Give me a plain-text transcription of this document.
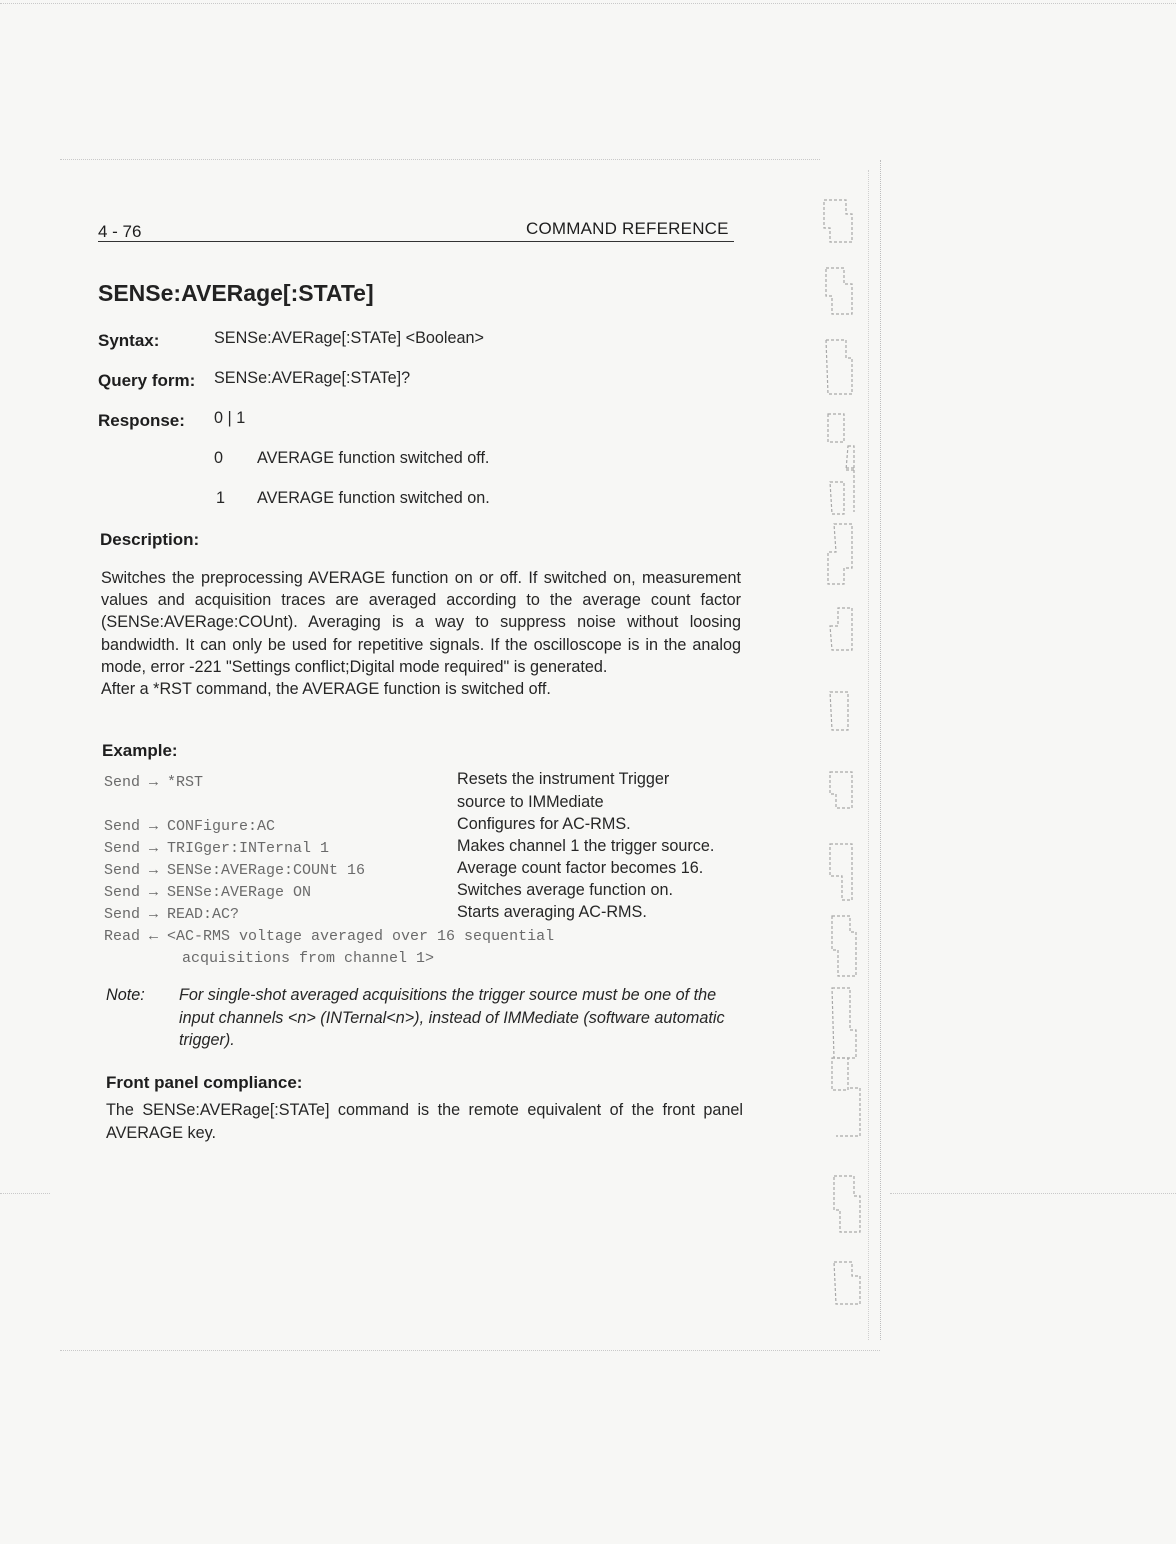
4 - 76	COMMAND REFERENCE
SENSe:AVERage[:STATe]
Syntax:	SENSe:AVERage[:STATe] <Boolean>
Query form: SENSe:AVERage[:STATe]?
Response: 0 | 1
0 AVERAGE function switched off.
1 AVERAGE function switched on.
Description:

Switches the preprocessing AVERAGE function on or off. If switched on, measurement values and acquisition traces are averaged according to the average count factor (SENSe:AVERage:COUnt). Averaging is a way to suppress noise without loosing bandwidth. It can only be used for repetitive signals. If the oscilloscope is in the analog mode, error -221 "Settings conflict;Digital mode required" is generated.

After a *RST command, the AVERAGE function is switched off.

Example:
Send → *RST	Resets the instrument Trigger
source to IMMediate
Send → CONFigure:AC	Configures for AC-RMS.
Send → TRIGger:INTernal 1	Makes channel 1 the trigger source.
Send → SENSe:AVERage:COUNt 16	Average count factor becomes 16.
Send → SENSe:AVERage ON	Switches average function on.
Send → READ:AC?	Starts averaging AC-RMS.
Read ← <AC-RMS voltage averaged over 16 sequential
acquisitions from channel 1>
Note: For single-shot averaged acquisitions the trigger source must be one of the input channels <n> (INTernal<n>), instead of IMMediate (software automatic trigger).
Front panel compliance:
The SENSe:AVERage[:STATe] command is the remote equivalent of the front panel AVERAGE key.
